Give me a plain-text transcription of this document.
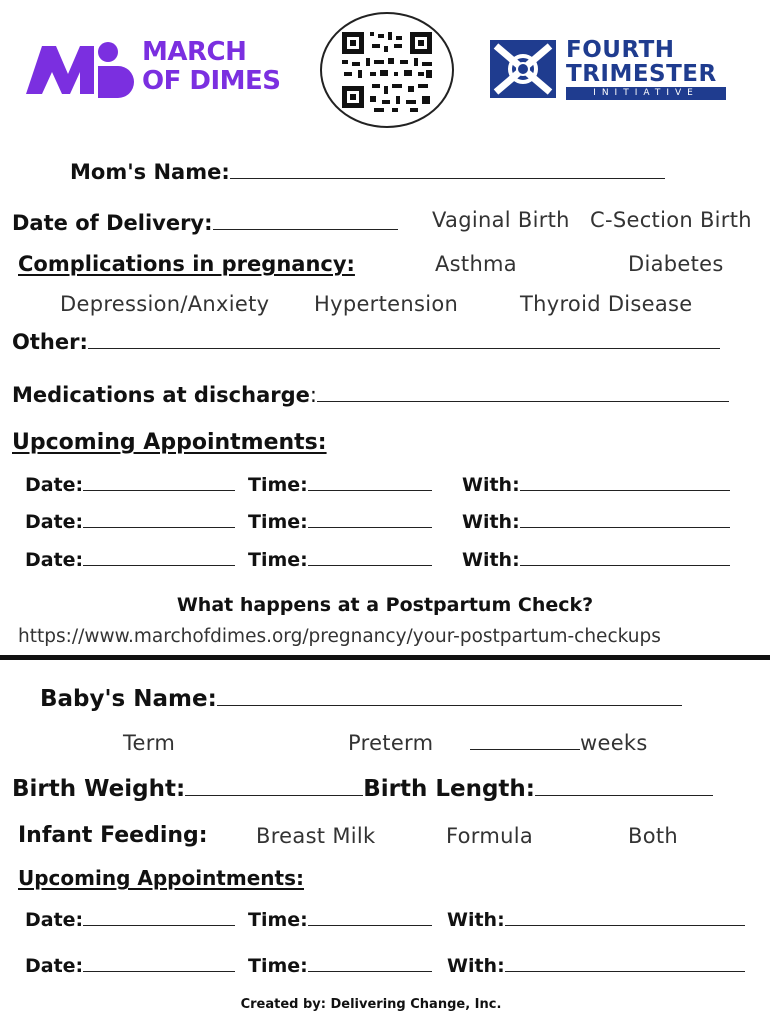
MARCH
OF DIMES
FOURTH
TRIMESTER
INITIATIVE
Mom's Name:
Date of Delivery:	Vaginal Birth C-Section Birth
Complications in pregnancy:	Asthma	Diabetes
Depression/Anxiety Hypertension	Thyroid Disease
Other:
Medications at discharge:
Upcoming Appointments:
Date:	Time:	With:
Date:	Time:	With:
Date:	Time:	With:
What happens at a Postpartum Check?
https://www.marchofdimes.org/pregnancy/your-postpartum-checkups
Baby's Name:
Term	Preterm	weeks
Birth Weight:	Birth Length:
Infant Feeding: Breast Milk	Formula	Both
Upcoming Appointments:
Date:	Time:	With:
Date:	Time:	With:
Created by: Delivering Change, Inc.
